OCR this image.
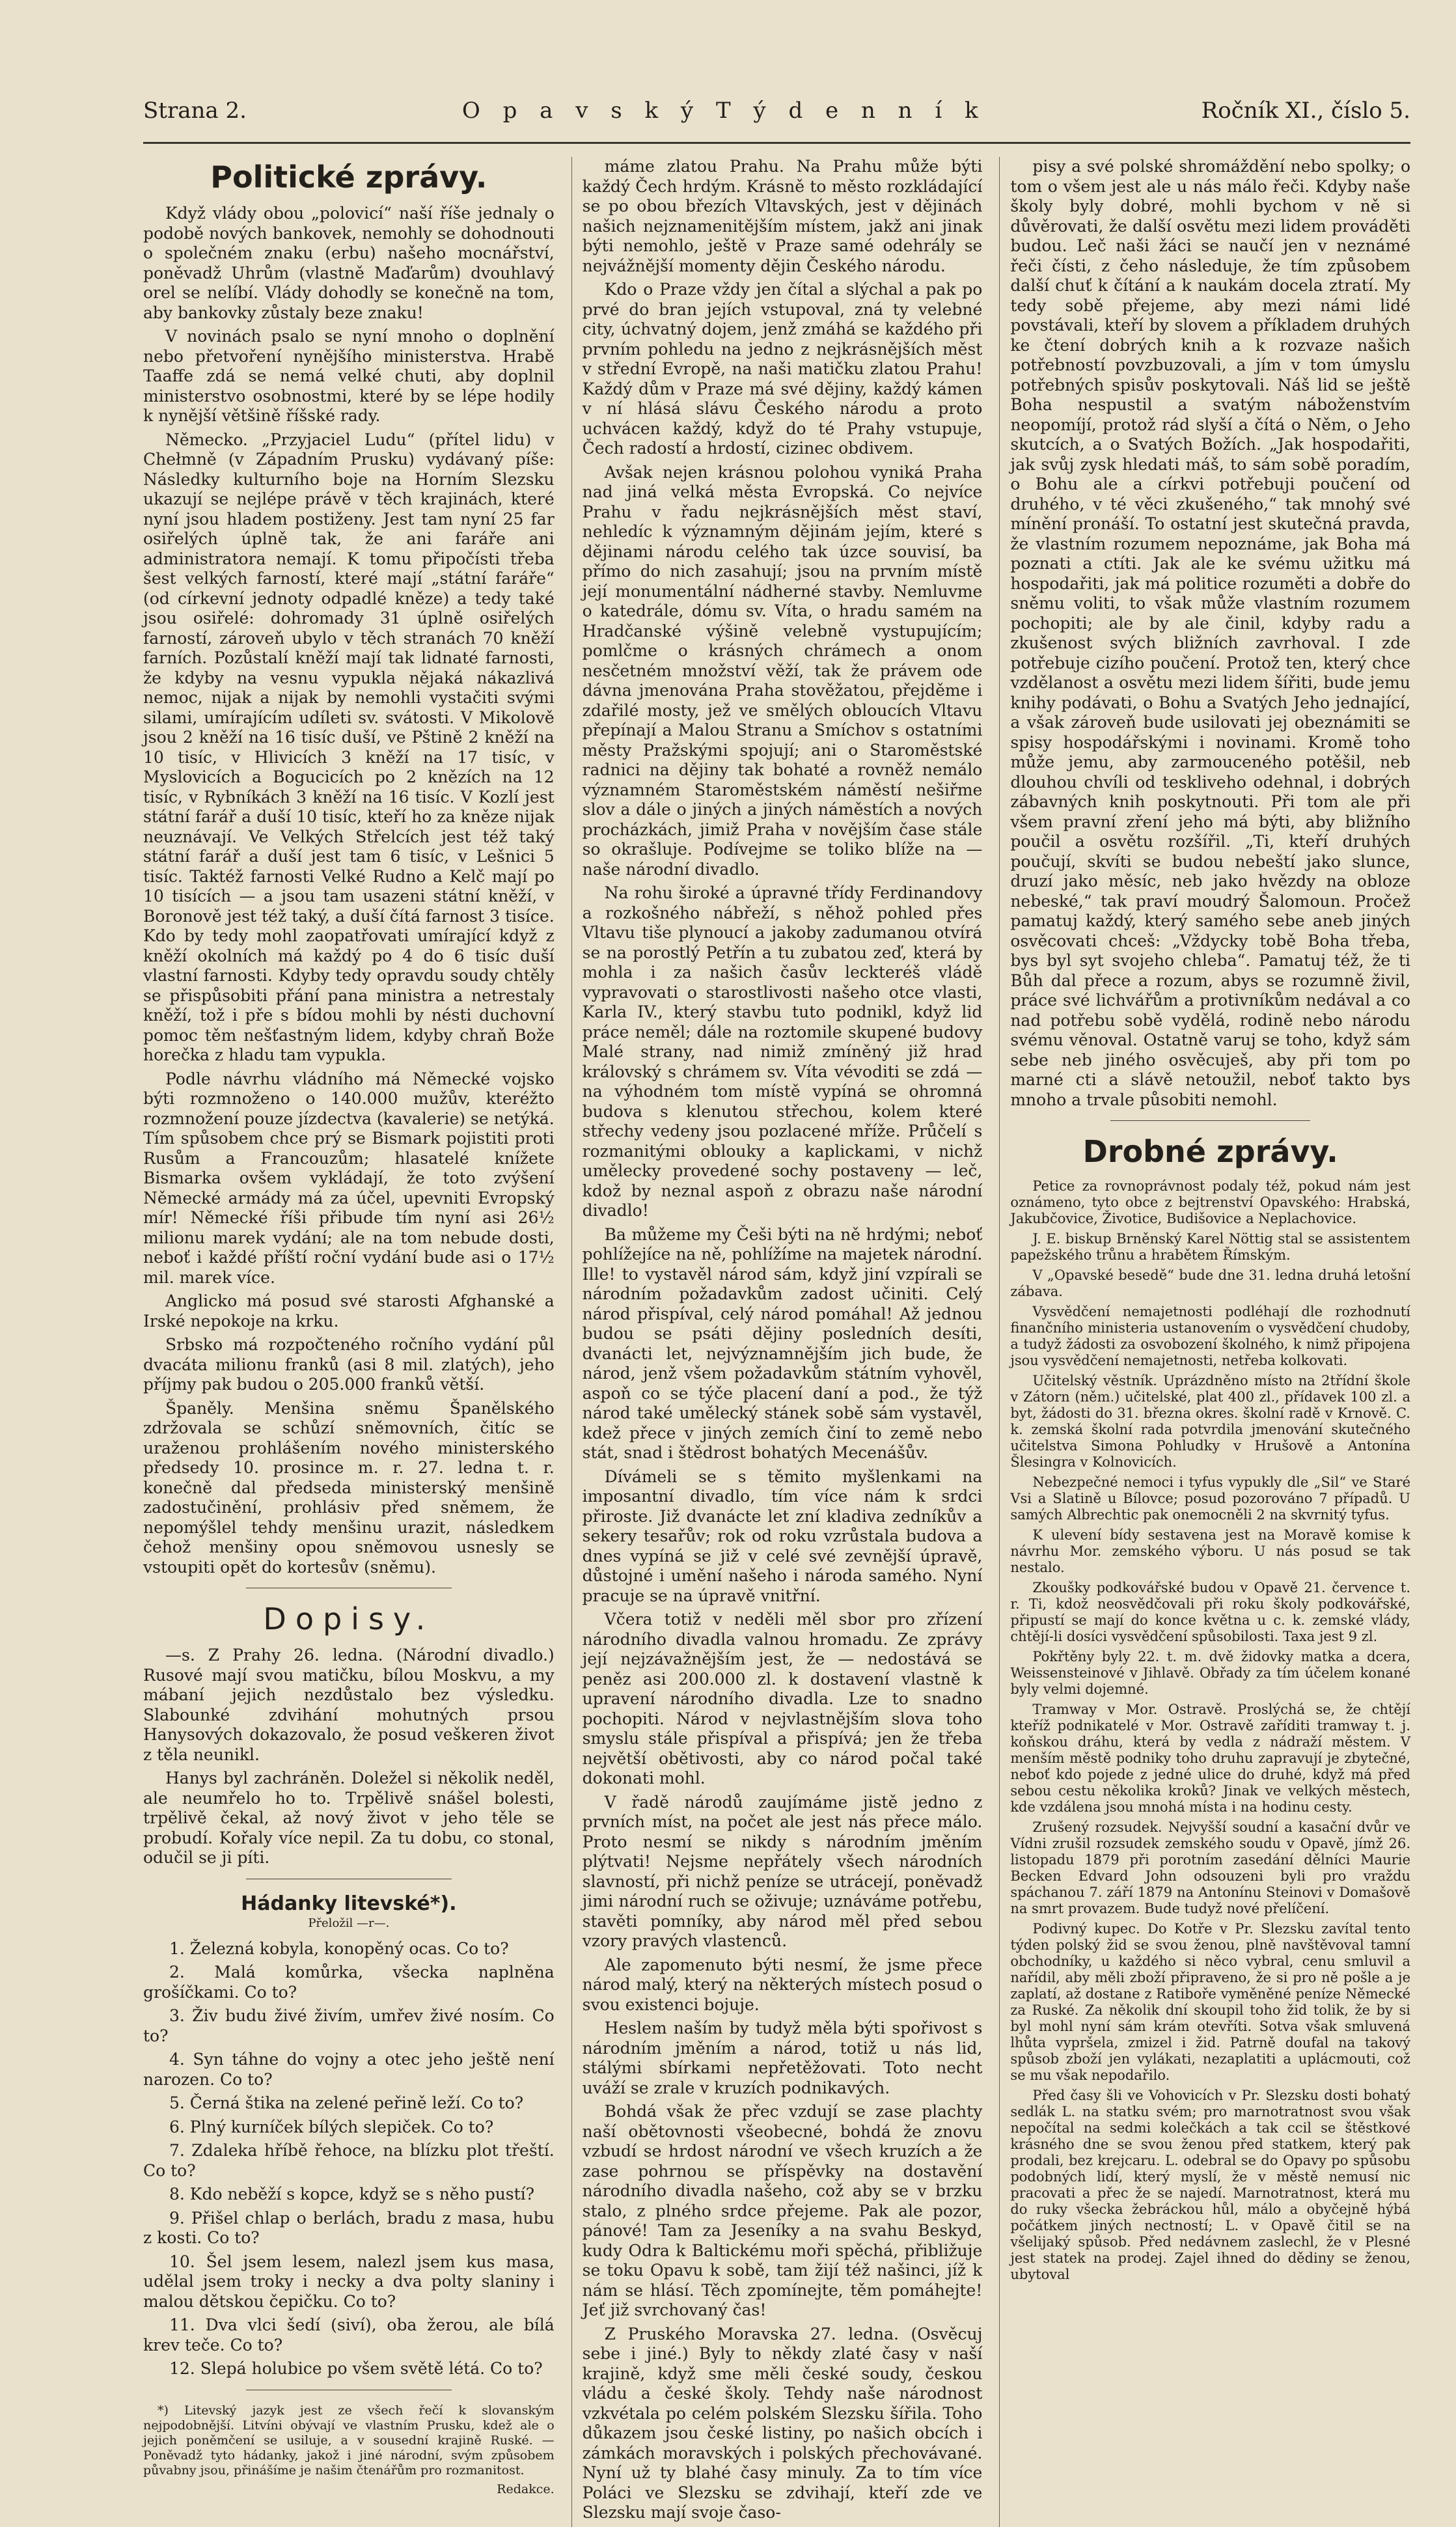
Strana 2.	O p a v s k ý T ý d e n n í k	Ročník XI., číslo 5.
Politické zprávy.

Když vlády obou „polovicí“ naší říše jednaly o podobě nových bankovek, nemohly se dohodnouti o společném znaku (erbu) našeho mocnářství, poněvadž Uhrům (vlastně Maďarům) dvouhlavý orel se nelíbí. Vlády dohodly se konečně na tom, aby bankovky zůstaly beze znaku!

V novinách psalo se nyní mnoho o doplnění nebo přetvoření nynějšího ministerstva. Hrabě Taaffe zdá se nemá velké chuti, aby doplnil ministerstvo osobnostmi, které by se lépe hodily k nynější většině říšské rady.

Německo. „Przyjaciel Ludu“ (přítel lidu) v Chełmně (v Západním Prusku) vydávaný píše: Následky kulturního boje na Horním Slezsku ukazují se nejlépe právě v těch krajinách, které nyní jsou hladem postiženy. Jest tam nyní 25 far osiřelých úplně tak, že ani faráře ani administratora nemají. K tomu připočísti třeba šest velkých farností, které mají „státní faráře“ (od církevní jednoty odpadlé kněze) a tedy také jsou osiřelé: dohromady 31 úplně osiřelých farností, zároveň ubylo v těch stranách 70 kněží farních. Pozůstalí kněží mají tak lidnaté farnosti, že kdyby na vesnu vypukla nějaká nákazlivá nemoc, nijak a nijak by nemohli vystačiti svými silami, umírajícím udíleti sv. svátosti. V Mikolově jsou 2 kněží na 16 tisíc duší, ve Pštině 2 kněží na 10 tisíc, v Hlivicích 3 kněží na 17 tisíc, v Myslovicích a Bogucicích po 2 knězích na 12 tisíc, v Rybníkách 3 kněží na 16 tisíc. V Kozlí jest státní farář a duší 10 tisíc, kteří ho za kněze nijak neuznávají. Ve Velkých Střelcích jest též taký státní farář a duší jest tam 6 tisíc, v Lešnici 5 tisíc. Taktéž farnosti Velké Rudno a Kelč mají po 10 tisících — a jsou tam usazeni státní kněží, v Boronově jest též taký, a duší čítá farnost 3 tisíce. Kdo by tedy mohl zaopatřovati umírající když z kněží okolních má každý po 4 do 6 tisíc duší vlastní farnosti. Kdyby tedy opravdu soudy chtěly se přispůsobiti přání pana ministra a netrestaly kněží, tož i pře s bídou mohli by nésti duchovní pomoc těm nešťastným lidem, kdyby chraň Bože horečka z hladu tam vypukla.

Podle návrhu vládního má Německé vojsko býti rozmnoženo o 140.000 mužův, kteréžto rozmnožení pouze jízdectva (kavalerie) se netýká. Tím spůsobem chce prý se Bismark pojistiti proti Rusům a Francouzům; hlasatelé knížete Bismarka ovšem vykládají, že toto zvýšení Německé armády má za účel, upevniti Evropský mír! Německé říši přibude tím nyní asi 26½ milionu marek vydání; ale na tom nebude dosti, neboť i každé příští roční vydání bude asi o 17½ mil. marek více.

Anglicko má posud své starosti Afghanské a Irské nepokoje na krku.

Srbsko má rozpočteného ročního vydání půl dvacáta milionu franků (asi 8 mil. zlatých), jeho příjmy pak budou o 205.000 franků větší.

Španěly. Menšina sněmu Španělského zdržovala se schůzí sněmovních, čitíc se uraženou prohlášením nového ministerského předsedy 10. prosince m. r. 27. ledna t. r. konečně dal předseda ministerský menšině zadostučinění, prohlásiv před sněmem, že nepomýšlel tehdy menšinu urazit, následkem čehož menšiny opou sněmovou usnesly se vstoupiti opět do kortesův (sněmu).

Dopisy.

—s. Z Prahy 26. ledna. (Národní divadlo.) Rusové mají svou matičku, bílou Moskvu, a my mábaní jejich nezdůstalo bez výsledku. Slabounké zdvihání mohutných prsou Hanysových dokazovalo, že posud veškeren život z těla neunikl.

Hanys byl zachráněn. Doležel si několik neděl, ale neumřelo ho to. Trpělivě snášel bolesti, trpělivě čekal, až nový život v jeho těle se probudí. Kořaly více nepil. Za tu dobu, co stonal, odučil se ji píti.

Hádanky litevské*).
Přeložil —r—.

1. Železná kobyla, konopěný ocas. Co to?

2. Malá komůrka, všecka naplněna grošíčkami. Co to?

3. Živ budu živé živím, umřev živé nosím. Co to?

4. Syn táhne do vojny a otec jeho ještě není narozen. Co to?

5. Černá štika na zelené peřině leží. Co to?

6. Plný kurníček bílých slepiček. Co to?

7. Zdaleka hříbě řehoce, na blízku plot třeští. Co to?

8. Kdo neběží s kopce, když se s něho pustí?

9. Přišel chlap o berlách, bradu z masa, hubu z kosti. Co to?

10. Šel jsem lesem, nalezl jsem kus masa, udělal jsem troky i necky a dva polty slaniny i malou dětskou čepičku. Co to?

11. Dva vlci šedí (siví), oba žerou, ale bílá krev teče. Co to?

12. Slepá holubice po všem světě létá. Co to?

*) Litevský jazyk jest ze všech řečí k slovanským nejpodobnější. Litvíni obývají ve vlastním Prusku, kdež ale o jejich poněmčení se usiluje, a v sousední krajině Ruské. — Poněvadž tyto hádanky, jakož i jiné národní, svým způsobem půvabny jsou, přinášíme je našim čtenářům pro rozmanitost.

Redakce.

máme zlatou Prahu. Na Prahu může býti každý Čech hrdým. Krásně to město rozkládající se po obou březích Vltavských, jest v dějinách našich nejznamenitějším místem, jakž ani jinak býti nemohlo, ještě v Praze samé odehrály se nejvážnější momenty dějin Českého národu.

Kdo o Praze vždy jen čítal a slýchal a pak po prvé do bran jejích vstupoval, zná ty velebné city, úchvatný dojem, jenž zmáhá se každého při prvním pohledu na jedno z nejkrásnějších měst v střední Evropě, na naši matičku zlatou Prahu! Každý dům v Praze má své dějiny, každý kámen v ní hlásá slávu Českého národu a proto uchvácen každý, když do té Prahy vstupuje, Čech radostí a hrdostí, cizinec obdivem.

Avšak nejen krásnou polohou vyniká Praha nad jiná velká města Evropská. Co nejvíce Prahu v řadu nejkrásnějších měst staví, nehledíc k významným dějinám jejím, které s dějinami národu celého tak úzce souvisí, ba přímo do nich zasahují; jsou na prvním místě její monumentální nádherné stavby. Nemluvme o katedrále, dómu sv. Víta, o hradu samém na Hradčanské výšině velebně vystupujícím; pomlčme o krásných chrámech a onom nesčetném množství věží, tak že právem ode dávna jmenována Praha stověžatou, přejděme i zdařilé mosty, jež ve smělých obloucích Vltavu přepínají a Malou Stranu a Smíchov s ostatními městy Pražskými spojují; ani o Staroměstské radnici na dějiny tak bohaté a rovněž nemálo významném Staroměstském náměstí nešiřme slov a dále o jiných a jiných náměstích a nových procházkách, jimiž Praha v novějším čase stále so okrašluje. Podívejme se toliko blíže na — naše národní divadlo.

Na rohu široké a úpravné třídy Ferdinandovy a rozkošného nábřeží, s něhož pohled přes Vltavu tiše plynoucí a jakoby zadumanou otvírá se na porostlý Petřín a tu zubatou zeď, která by mohla i za našich časův leckteréš vládě vypravovati o starostlivosti našeho otce vlasti, Karla IV., který stavbu tuto podnikl, když lid práce neměl; dále na roztomile skupené budovy Malé strany, nad nimiž zmíněný již hrad královský s chrámem sv. Víta vévoditi se zdá — na výhodném tom místě vypíná se ohromná budova s klenutou střechou, kolem které střechy vedeny jsou pozlacené mříže. Průčelí s rozmanitými oblouky a kaplickami, v nichž umělecky provedené sochy postaveny — leč, kdož by neznal aspoň z obrazu naše národní divadlo!

Ba můžeme my Češi býti na ně hrdými; neboť pohlížejíce na ně, pohlížíme na majetek národní. Ille! to vystavěl národ sám, když jiní vzpírali se národním požadavkům zadost učiniti. Celý národ přispíval, celý národ pomáhal! Až jednou budou se psáti dějiny posledních desíti, dvanácti let, nejvýznamnějším jich bude, že národ, jenž všem požadavkům státním vyhověl, aspoň co se týče placení daní a pod., že týž národ také umělecký stánek sobě sám vystavěl, kdež přece v jiných zemích činí to země nebo stát, snad i štědrost bohatých Mecenášův.

Dívámeli se s těmito myšlenkami na imposantní divadlo, tím více nám k srdci přiroste. Již dvanácte let zní kladiva zedníkův a sekery tesařův; rok od roku vzrůstala budova a dnes vypíná se již v celé své zevnější úpravě, důstojné i umění našeho i národa samého. Nyní pracuje se na úpravě vnitřní.

Včera totiž v neděli měl sbor pro zřízení národního divadla valnou hromadu. Ze zprávy její nejzávažnějším jest, že — nedostává se peněz asi 200.000 zl. k dostavení vlastně k upravení národního divadla. Lze to snadno pochopiti. Národ v nejvlastnějším slova toho smyslu stále přispíval a přispívá; jen že třeba největší obětivosti, aby co národ počal také dokonati mohl.

V řadě národů zaujímáme jistě jedno z prvních míst, na počet ale jest nás přece málo. Proto nesmí se nikdy s národním jměním plýtvati! Nejsme nepřátely všech národních slavností, při nichž peníze se utrácejí, poněvadž jimi národní ruch se oživuje; uznáváme potřebu, stavěti pomníky, aby národ měl před sebou vzory pravých vlastenců.

Ale zapomenuto býti nesmí, že jsme přece národ malý, který na některých místech posud o svou existenci bojuje.

Heslem naším by tudyž měla býti spořivost s národním jměním a národ, totiž u nás lid, stálými sbírkami nepřetěžovati. Toto necht uváží se zrale v kruzích podnikavých.

Bohdá však že přec vzdují se zase plachty naší obětovnosti všeobecné, bohdá že znovu vzbudí se hrdost národní ve všech kruzích a že zase pohrnou se příspěvky na dostavění národního divadla našeho, což aby se v brzku stalo, z plného srdce přejeme. Pak ale pozor, pánové! Tam za Jeseníky a na svahu Beskyd, kudy Odra k Baltickému moři spěchá, přibližuje se toku Opavu k sobě, tam žijí též našinci, jíž k nám se hlásí. Těch zpomínejte, těm pomáhejte! Jeť již svrchovaný čas!

Z Pruského Moravska 27. ledna. (Osvěcuj sebe i jiné.) Byly to někdy zlaté časy v naší krajině, když sme měli české soudy, českou vládu a české školy. Tehdy naše národnost vzkvétala po celém polském Slezsku šířila. Toho důkazem jsou české listiny, po našich obcích i zámkách moravských i polských přechovávané. Nyní už ty blahé časy minuly. Za to tím více Poláci ve Slezsku se zdvihají, kteří zde ve Slezsku mají svoje časo-

pisy a své polské shromáždění nebo spolky; o tom o všem jest ale u nás málo řeči. Kdyby naše školy byly dobré, mohli bychom v ně si důvěrovati, že další osvětu mezi lidem prováděti budou. Leč naši žáci se naučí jen v neznámé řeči čísti, z čeho následuje, že tím způsobem další chuť k čítání a k naukám docela ztratí. My tedy sobě přejeme, aby mezi námi lidé povstávali, kteří by slovem a příkladem druhých ke čtení dobrých knih a k rozvaze našich potřebností povzbuzovali, a jím v tom úmyslu potřebných spisův poskytovali. Náš lid se ještě Boha nespustil a svatým náboženstvím neopomíjí, protož rád slyší a čítá o Něm, o Jeho skutcích, a o Svatých Božích. „Jak hospodařiti, jak svůj zysk hledati máš, to sám sobě poradím, o Bohu ale a církvi potřebuji poučení od druhého, v té věci zkušeného,“ tak mnohý své mínění pronáší. To ostatní jest skutečná pravda, že vlastním rozumem nepoznáme, jak Boha má poznati a ctíti. Jak ale ke svému užitku má hospodařiti, jak má politice rozuměti a dobře do sněmu voliti, to však může vlastním rozumem pochopiti; ale by ale činil, kdyby radu a zkušenost svých bližních zavrhoval. I zde potřebuje cizího poučení. Protož ten, který chce vzdělanost a osvětu mezi lidem šířiti, bude jemu knihy podávati, o Bohu a Svatých Jeho jednající, a však zároveň bude usilovati jej obeznámiti se spisy hospodářskými i novinami. Kromě toho může jemu, aby zarmouceného potěšil, neb dlouhou chvíli od teskliveho odehnal, i dobrých zábavných knih poskytnouti. Při tom ale při všem pravní zření jeho má býti, aby bližního poučil a osvětu rozšířil. „Ti, kteří druhých poučují, skvíti se budou nebeští jako slunce, druzí jako měsíc, neb jako hvězdy na obloze nebeské,“ tak praví moudrý Šalomoun. Pročež pamatuj každý, který samého sebe aneb jiných osvěcovati chceš: „Vždycky tobě Boha třeba, bys byl syt svojeho chleba“. Pamatuj též, že ti Bůh dal přece a rozum, abys se rozumně živil, práce své lichvářům a protivníkům nedával a co nad potřebu sobě vydělá, rodině nebo národu svému věnoval. Ostatně varuj se toho, když sám sebe neb jiného osvěcuješ, aby při tom po marné cti a slávě netoužil, neboť takto bys mnoho a trvale působiti nemohl.

Drobné zprávy.

Petice za rovnoprávnost podaly též, pokud nám jest oznámeno, tyto obce z bejtrenství Opavského: Hrabská, Jakubčovice, Životice, Budišovice a Neplachovice.

J. E. biskup Brněnský Karel Nöttig stal se assistentem papežského trůnu a hrabětem Římským.

V „Opavské besedě“ bude dne 31. ledna druhá letošní zábava.

Vysvědčení nemajetnosti podléhají dle rozhodnutí finančního ministeria ustanovením o vysvědčení chudoby, a tudyž žádosti za osvobození školného, k nimž připojena jsou vysvědčení nemajetnosti, netřeba kolkovati.

Učitelský věstník. Uprázdněno místo na 2třídní škole v Zátorn (něm.) učitelské, plat 400 zl., přídavek 100 zl. a byt, žádosti do 31. března okres. školní radě v Krnově. C. k. zemská školní rada potvrdila jmenování skutečného učitelstva Simona Pohludky v Hrušově a Antonína Šlesingra v Kolnovicích.

Nebezpečné nemoci i tyfus vypukly dle „Sil“ ve Staré Vsi a Slatině u Bílovce; posud pozorováno 7 případů. U samých Albrechtic pak onemocněli 2 na skvrnitý tyfus.

K ulevení bídy sestavena jest na Moravě komise k návrhu Mor. zemského výboru. U nás posud se tak nestalo.

Zkoušky podkovářské budou v Opavě 21. července t. r. Ti, kdož neosvědčovali při roku školy podkovářské, připustí se mají do konce května u c. k. zemské vlády, chtějí-li dosíci vysvědčení spůsobilosti. Taxa jest 9 zl.

Pokřtěny byly 22. t. m. dvě židovky matka a dcera, Weissensteinové v Jihlavě. Obřady za tím účelem konané byly velmi dojemné.

Tramway v Mor. Ostravě. Proslýchá se, že chtějí kteříž podnikatelé v Mor. Ostravě zaříditi tramway t. j. koňskou dráhu, která by vedla z nádraží městem. V menším městě podniky toho druhu zapravují je zbytečné, neboť kdo pojede z jedné ulice do druhé, když má před sebou cestu několika kroků? Jinak ve velkých městech, kde vzdálena jsou mnohá místa i na hodinu cesty.

Zrušený rozsudek. Nejvyšší soudní a kasační dvůr ve Vídni zrušil rozsudek zemského soudu v Opavě, jímž 26. listopadu 1879 při porotním zasedání dělníci Maurie Becken Edvard John odsouzeni byli pro vraždu spáchanou 7. září 1879 na Antonínu Steinovi v Domašově na smrt provazem. Bude tudyž nové přelíčení.

Podivný kupec. Do Kotře v Pr. Slezsku zavítal tento týden polský žid se svou ženou, plně navštěvoval tamní obchodníky, u každého si něco vybral, cenu smluvil a nařídil, aby měli zboží připraveno, že si pro ně pošle a je zaplatí, až dostane z Ratiboře vyměněné peníze Německé za Ruské. Za několik dní skoupil toho žid tolik, že by si byl mohl nyní sám krám otevříti. Sotva však smluvená lhůta vypršela, zmizel i žid. Patrně doufal na takový spůsob zboží jen vylákati, nezaplatiti a uplácmouti, což se mu však nepodařilo.

Před časy šli ve Vohovicích v Pr. Slezsku dosti bohatý sedlák L. na statku svém; pro marnotratnost svou však nepočítal na sedmi kolečkách a tak ccil se štěstkové krásného dne se svou ženou před statkem, který pak prodali, bez krejcaru. L. odebral se do Opavy po spůsobu podobných lidí, který myslí, že v městě nemusí nic pracovati a přec že se najedí. Marnotratnost, která mu do ruky všecka žebráckou hůl, málo a obyčejně hýbá počátkem jiných nectností; L. v Opavě čitil se na všelijaký spůsob. Před nedávnem zaslechl, že v Plesné jest statek na prodej. Zajel ihned do dědiny se ženou, ubytoval
